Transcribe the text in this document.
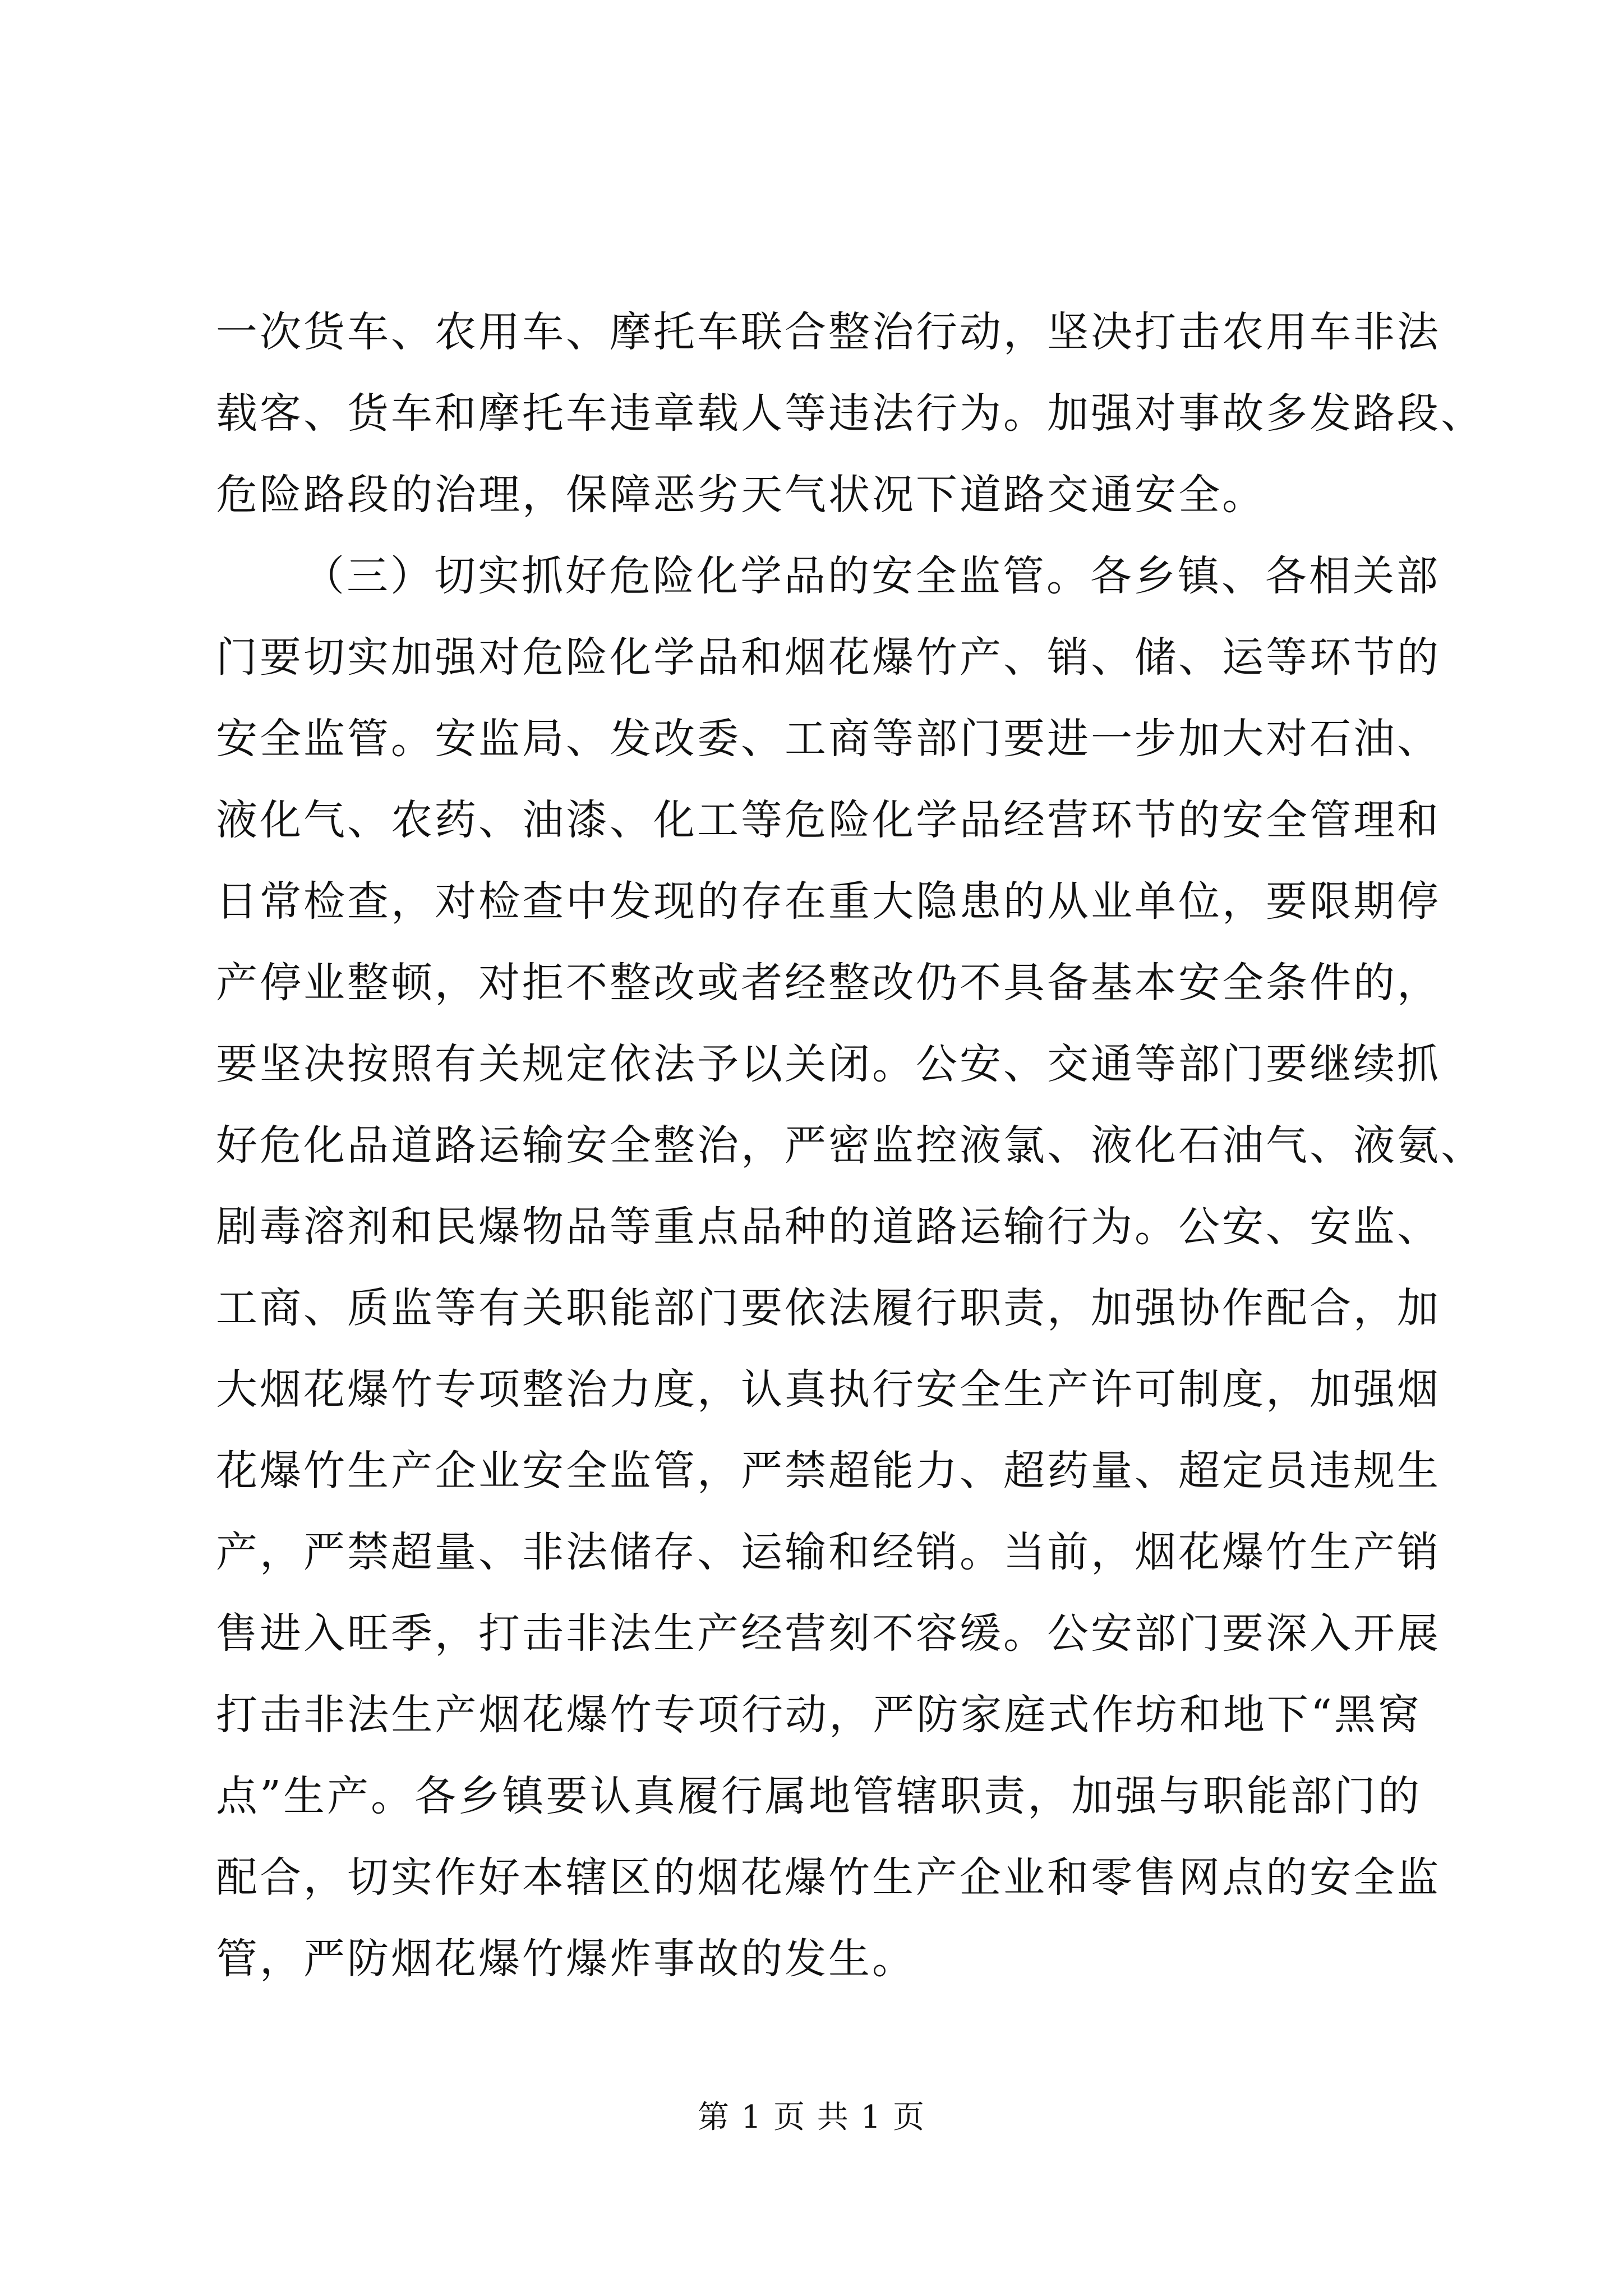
一次货车、农用车、摩托车联合整治行动，坚决打击农用车非法
载客、货车和摩托车违章载人等违法行为。加强对事故多发路段、
危险路段的治理，保障恶劣天气状况下道路交通安全。
（三）切实抓好危险化学品的安全监管。各乡镇、各相关部
门要切实加强对危险化学品和烟花爆竹产、销、储、运等环节的
安全监管。安监局、发改委、工商等部门要进一步加大对石油、
液化气、农药、油漆、化工等危险化学品经营环节的安全管理和
日常检查，对检查中发现的存在重大隐患的从业单位，要限期停
产停业整顿，对拒不整改或者经整改仍不具备基本安全条件的，
要坚决按照有关规定依法予以关闭。公安、交通等部门要继续抓
好危化品道路运输安全整治，严密监控液氯、液化石油气、液氨、
剧毒溶剂和民爆物品等重点品种的道路运输行为。公安、安监、
工商、质监等有关职能部门要依法履行职责，加强协作配合，加
大烟花爆竹专项整治力度，认真执行安全生产许可制度，加强烟
花爆竹生产企业安全监管，严禁超能力、超药量、超定员违规生
产，严禁超量、非法储存、运输和经销。当前，烟花爆竹生产销
售进入旺季，打击非法生产经营刻不容缓。公安部门要深入开展
打击非法生产烟花爆竹专项行动，严防家庭式作坊和地下“黑窝
点”生产。各乡镇要认真履行属地管辖职责，加强与职能部门的
配合，切实作好本辖区的烟花爆竹生产企业和零售网点的安全监
管，严防烟花爆竹爆炸事故的发生。
第 1 页 共 1 页
